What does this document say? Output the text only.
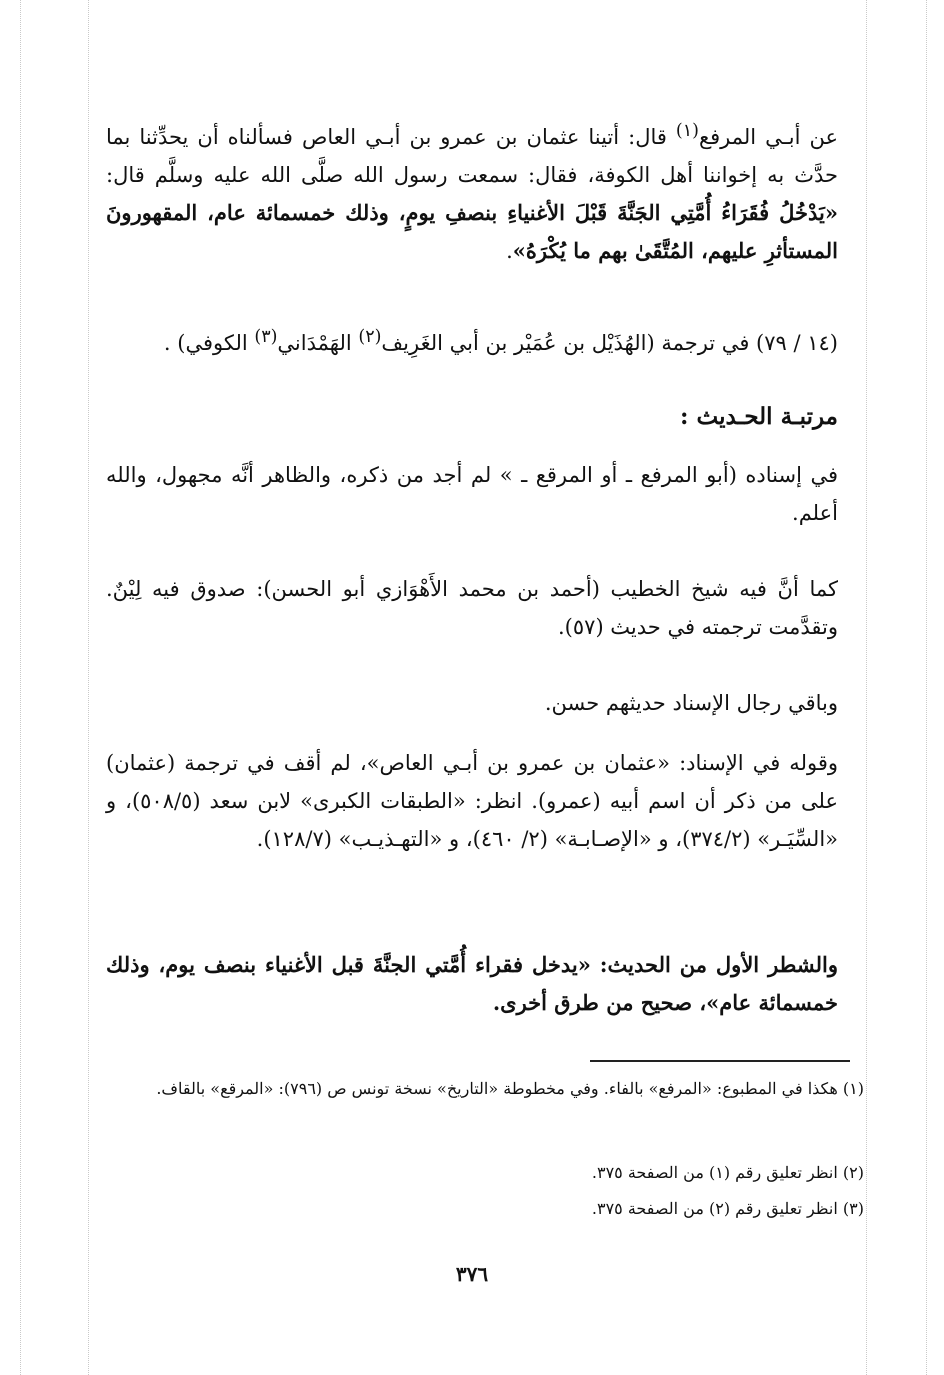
عن أبـي المرفع$^{(١)}$ قال: أتينا عثمان بن عمرو بن أبـي العاص فسألناه أن يحدِّثنا بما حدَّث به إخواننا أهل الكوفة، فقال: سمعت رسول الله صلَّى الله عليه وسلَّم قال: «يَدْخُلُ فُقَرَاءُ أُمَّتِي الجَنَّةَ قَبْلَ الأغنياءِ بنصفِ يومٍ، وذلك خمسمائة عام، المقهورونَ المستأثرِ عليهم، المُتَّقَىٰ بهم ما يُكْرَهُ».

(١٤ / ٧٩) في ترجمة (الهُذَيْل بن عُمَيْر بن أبي الغَرِيف$^{(٢)}$ الهَمْدَاني$^{(٣)}$ الكوفي) .

مرتبـة الحـديث :

في إسناده (أبو المرفع ـ أو المرقع ـ » لم أجد من ذكره، والظاهر أنَّه مجهول، والله أعلم.

كما أنَّ فيه شيخ الخطيب (أحمد بن محمد الأَهْوَازي أبو الحسن): صدوق فيه لِيْنٌ. وتقدَّمت ترجمته في حديث (٥٧).

وباقي رجال الإسناد حديثهم حسن.

وقوله في الإسناد: «عثمان بن عمرو بن أبـي العاص»، لم أقف في ترجمة (عثمان) على من ذكر أن اسم أبيه (عمرو). انظر: «الطبقات الكبرى» لابن سعد (٥٠٨/٥)، و «السِّيَـر» (٣٧٤/٢)، و «الإصـابـة» (٢/ ٤٦٠)، و «التهـذيـب» (١٢٨/٧).

والشطر الأول من الحديث: «يدخل فقراء أُمَّتي الجنَّةَ قبل الأغنياء بنصف يوم، وذلك خمسمائة عام»، صحيح من طرق أخرى.

(١) هكذا في المطبوع: «المرفع» بالفاء. وفي مخطوطة «التاريخ» نسخة تونس ص (٧٩٦): «المرقع» بالقاف.

(٢) انظر تعليق رقم (١) من الصفحة ٣٧٥.

(٣) انظر تعليق رقم (٢) من الصفحة ٣٧٥.

٣٧٦
